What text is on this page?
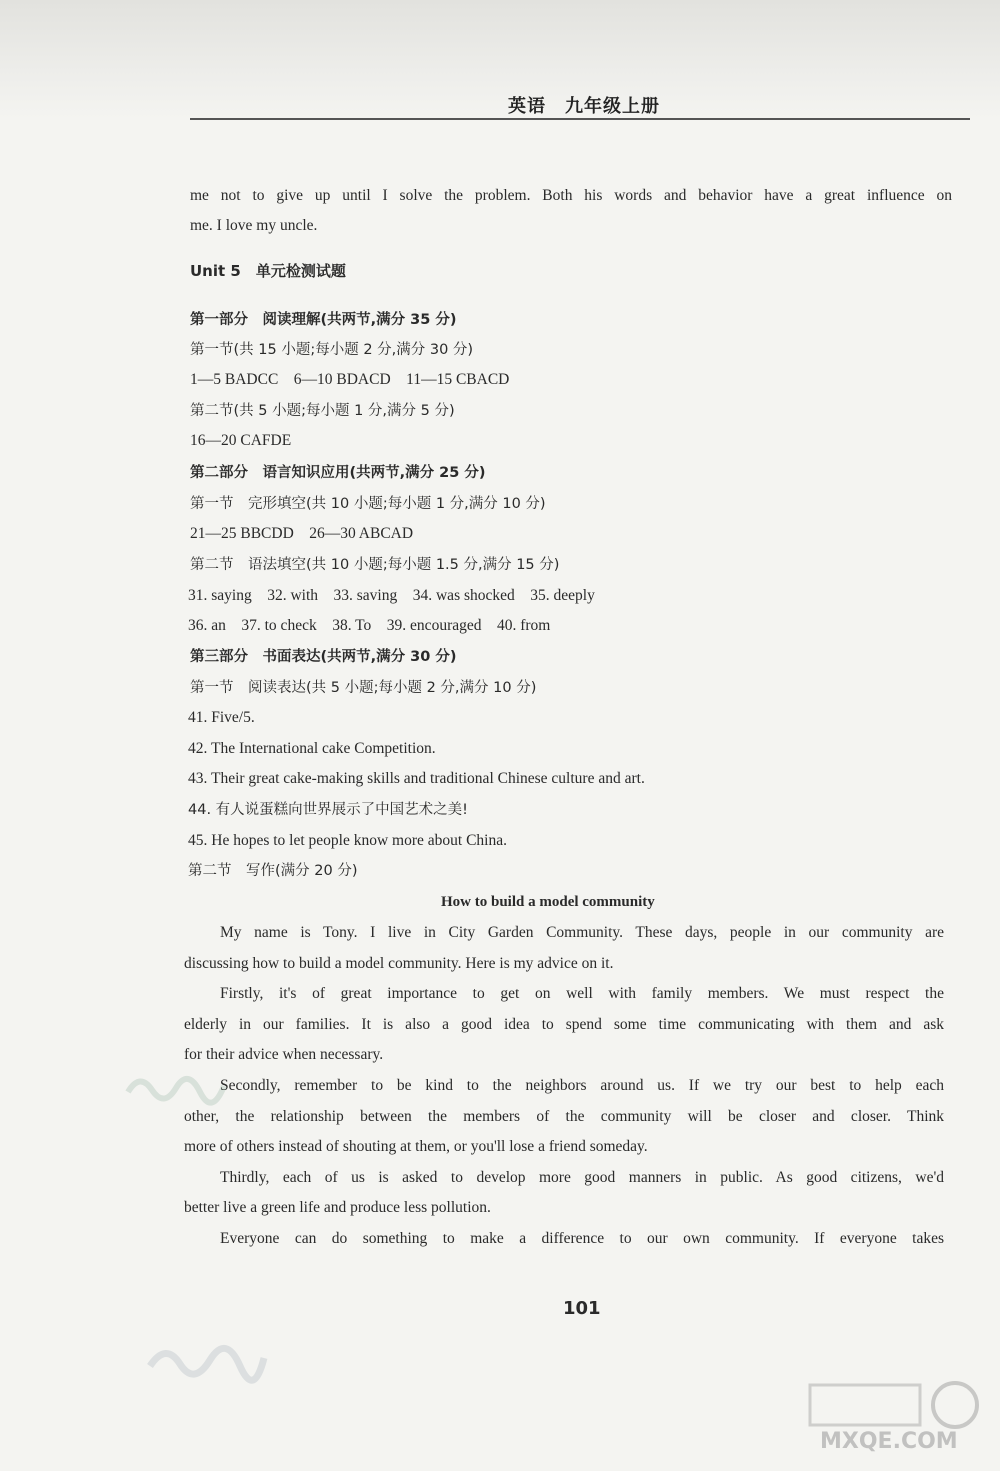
英语　九年级上册
me not to give up until I solve the problem. Both his words and behavior have a great influence on
me. I love my uncle.
Unit 5　单元检测试题
第一部分　阅读理解(共两节,满分 35 分)
第一节(共 15 小题;每小题 2 分,满分 30 分)
1—5 BADCC　6—10 BDACD　11—15 CBACD
第二节(共 5 小题;每小题 1 分,满分 5 分)
16—20 CAFDE
第二部分　语言知识应用(共两节,满分 25 分)
第一节　完形填空(共 10 小题;每小题 1 分,满分 10 分)
21—25 BBCDD　26—30 ABCAD
第二节　语法填空(共 10 小题;每小题 1.5 分,满分 15 分)
31. saying　32. with　33. saving　34. was shocked　35. deeply
36. an　37. to check　38. To　39. encouraged　40. from
第三部分　书面表达(共两节,满分 30 分)
第一节　阅读表达(共 5 小题;每小题 2 分,满分 10 分)
41. Five/5.
42. The International cake Competition.
43. Their great cake-making skills and traditional Chinese culture and art.
44. 有人说蛋糕向世界展示了中国艺术之美!
45. He hopes to let people know more about China.
第二节　写作(满分 20 分)
How to build a model community
My name is Tony. I live in City Garden Community. These days, people in our community are
discussing how to build a model community. Here is my advice on it.
Firstly, it's of great importance to get on well with family members. We must respect the
elderly in our families. It is also a good idea to spend some time communicating with them and ask
for their advice when necessary.
Secondly, remember to be kind to the neighbors around us. If we try our best to help each
other, the relationship between the members of the community will be closer and closer. Think
more of others instead of shouting at them, or you'll lose a friend someday.
Thirdly, each of us is asked to develop more good manners in public. As good citizens, we'd
better live a green life and produce less pollution.
Everyone can do something to make a difference to our own community. If everyone takes
101
MXQE.COM
